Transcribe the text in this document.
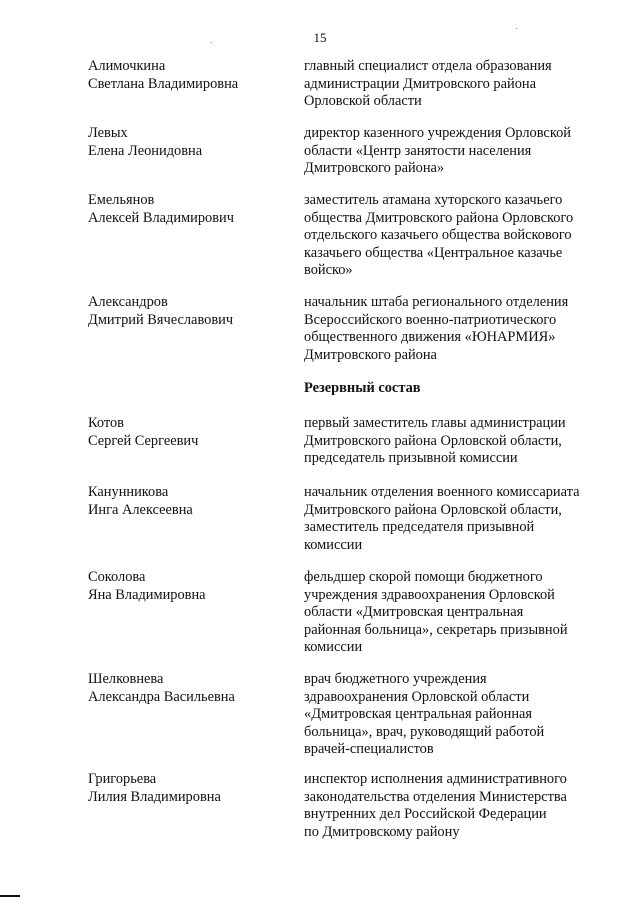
15
Алимочкина
Светлана Владимировна
главный специалист отдела образования
администрации Дмитровского района
Орловской области
Левых
Елена Леонидовна
директор казенного учреждения Орловской
области «Центр занятости населения
Дмитровского района»
Емельянов
Алексей Владимирович
заместитель атамана хуторского казачьего
общества Дмитровского района Орловского
отдельского казачьего общества войскового
казачьего общества «Центральное казачье
войско»
Александров
Дмитрий Вячеславович
начальник штаба регионального отделения
Всероссийского военно-патриотического
общественного движения «ЮНАРМИЯ»
Дмитровского района
Резервный состав
Котов
Сергей Сергеевич
первый заместитель главы администрации
Дмитровского района Орловской области,
председатель призывной комиссии
Канунникова
Инга Алексеевна
начальник отделения военного комиссариата
Дмитровского района Орловской области,
заместитель председателя призывной
комиссии
Соколова
Яна Владимировна
фельдшер скорой помощи бюджетного
учреждения здравоохранения Орловской
области «Дмитровская центральная
районная больница», секретарь призывной
комиссии
Шелковнева
Александра Васильевна
врач бюджетного учреждения
здравоохранения Орловской области
«Дмитровская центральная районная
больница», врач, руководящий работой
врачей-специалистов
Григорьева
Лилия Владимировна
инспектор исполнения административного
законодательства отделения Министерства
внутренних дел Российской Федерации
по Дмитровскому району
